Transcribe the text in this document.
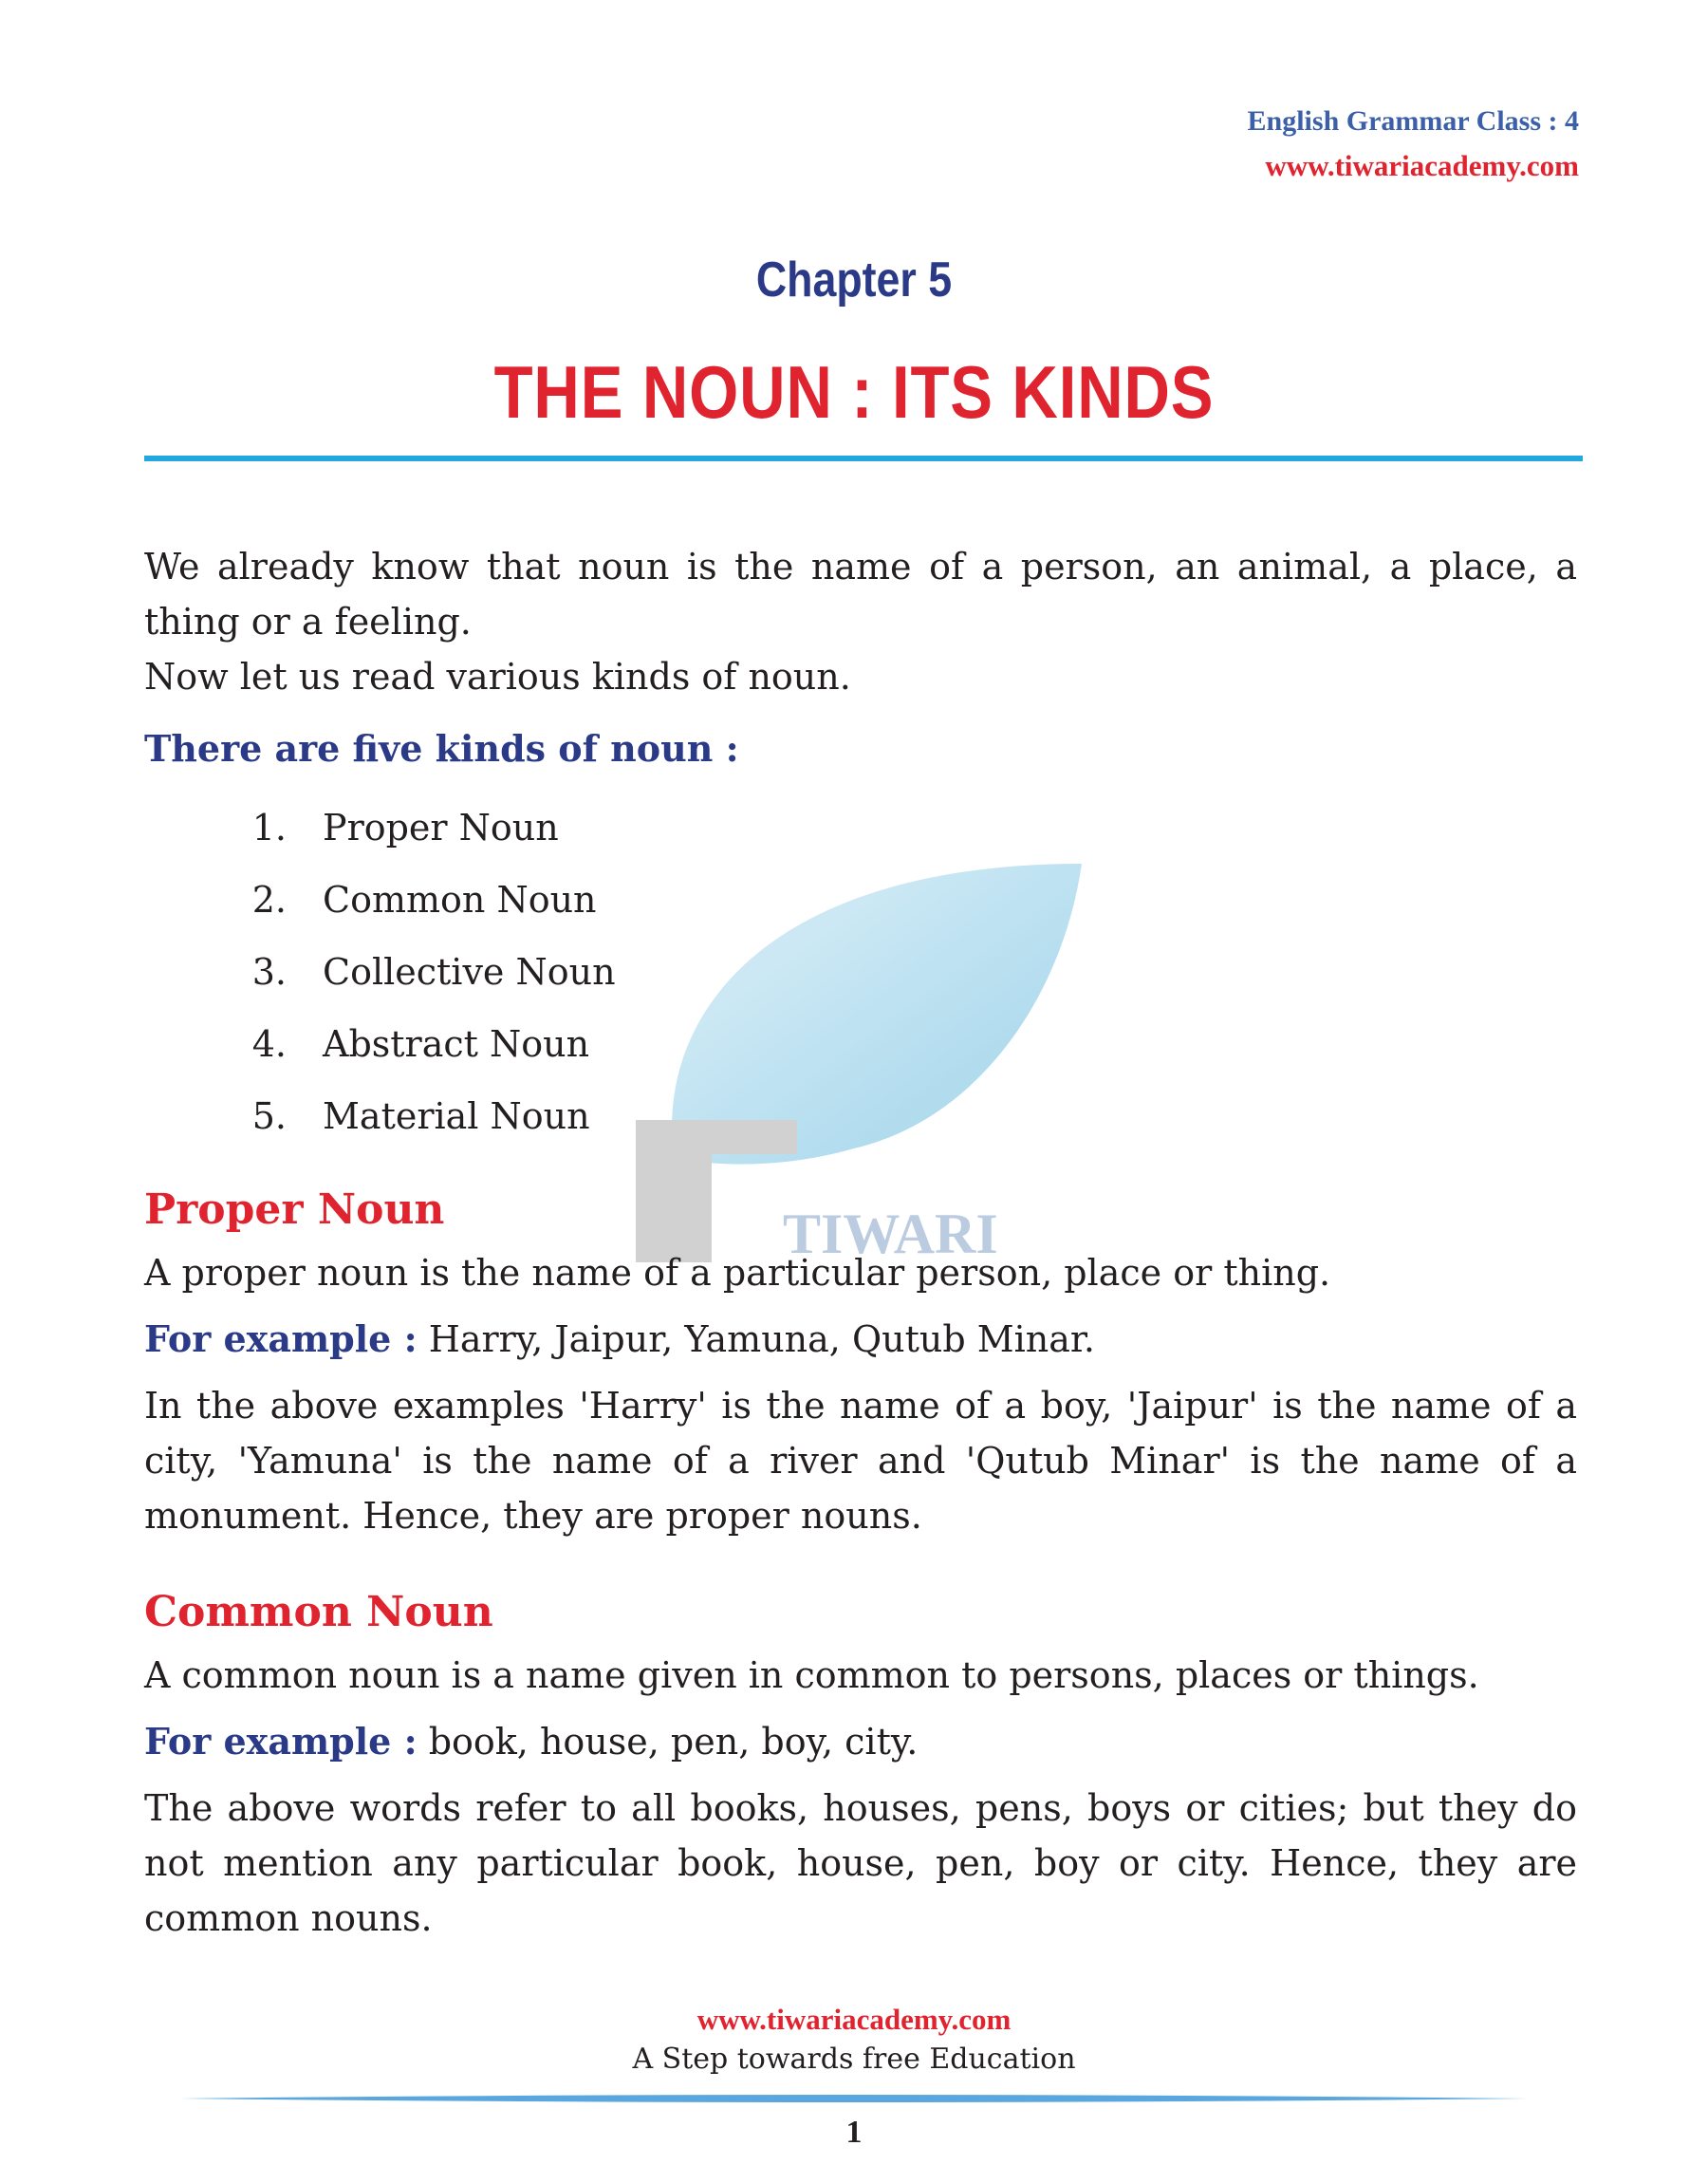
TIWARI
English Grammar Class : 4
www.tiwariacademy.com
Chapter 5
THE NOUN : ITS KINDS

We already know that noun is the name of a person, an animal, a place, a thing or a feeling.

Now let us read various kinds of noun.

There are five kinds of noun :

1.	Proper Noun
2.	Common Noun
3.	Collective Noun
4.	Abstract Noun
5.	Material Noun
Proper Noun

A proper noun is the name of a particular person, place or thing.

For example : Harry, Jaipur, Yamuna, Qutub Minar.

In the above examples 'Harry' is the name of a boy, 'Jaipur' is the name of a city, 'Yamuna' is the name of a river and 'Qutub Minar' is the name of a monument. Hence, they are proper nouns.

Common Noun

A common noun is a name given in common to persons, places or things.

For example : book, house, pen, boy, city.

The above words refer to all books, houses, pens, boys or cities; but they do not mention any particular book, house, pen, boy or city. Hence, they are common nouns.

www.tiwariacademy.com
A Step towards free Education
1
